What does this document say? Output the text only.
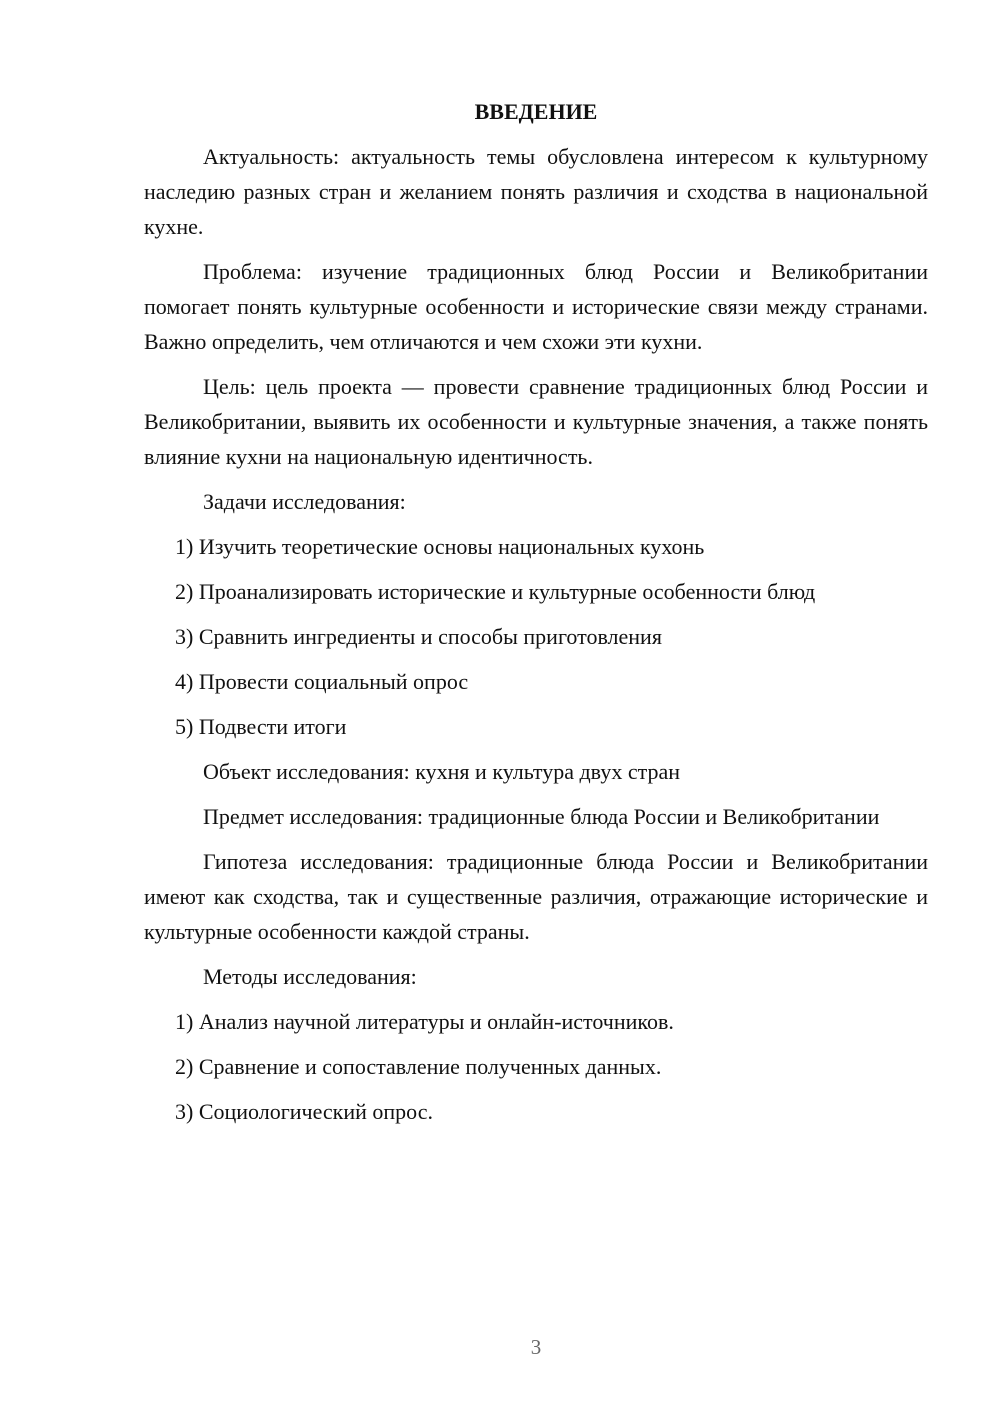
ВВЕДЕНИЕ

Актуальность: актуальность темы обусловлена интересом к культурному наследию разных стран и желанием понять различия и сходства в национальной кухне.

Проблема: изучение традиционных блюд России и Великобритании помогает понять культурные особенности и исторические связи между странами. Важно определить, чем отличаются и чем схожи эти кухни.

Цель: цель проекта — провести сравнение традиционных блюд России и Великобритании, выявить их особенности и культурные значения, а также понять влияние кухни на национальную идентичность.

Задачи исследования:

1) Изучить теоретические основы национальных кухонь

2) Проанализировать исторические и культурные особенности блюд

3) Сравнить ингредиенты и способы приготовления

4) Провести социальный опрос

5) Подвести итоги

Объект исследования: кухня и культура двух стран

Предмет исследования: традиционные блюда России и Великобритании

Гипотеза исследования: традиционные блюда России и Великобритании имеют как сходства, так и существенные различия, отражающие исторические и культурные особенности каждой страны.

Методы исследования:

1) Анализ научной литературы и онлайн-источников.

2) Сравнение и сопоставление полученных данных.

3) Социологический опрос.

3
